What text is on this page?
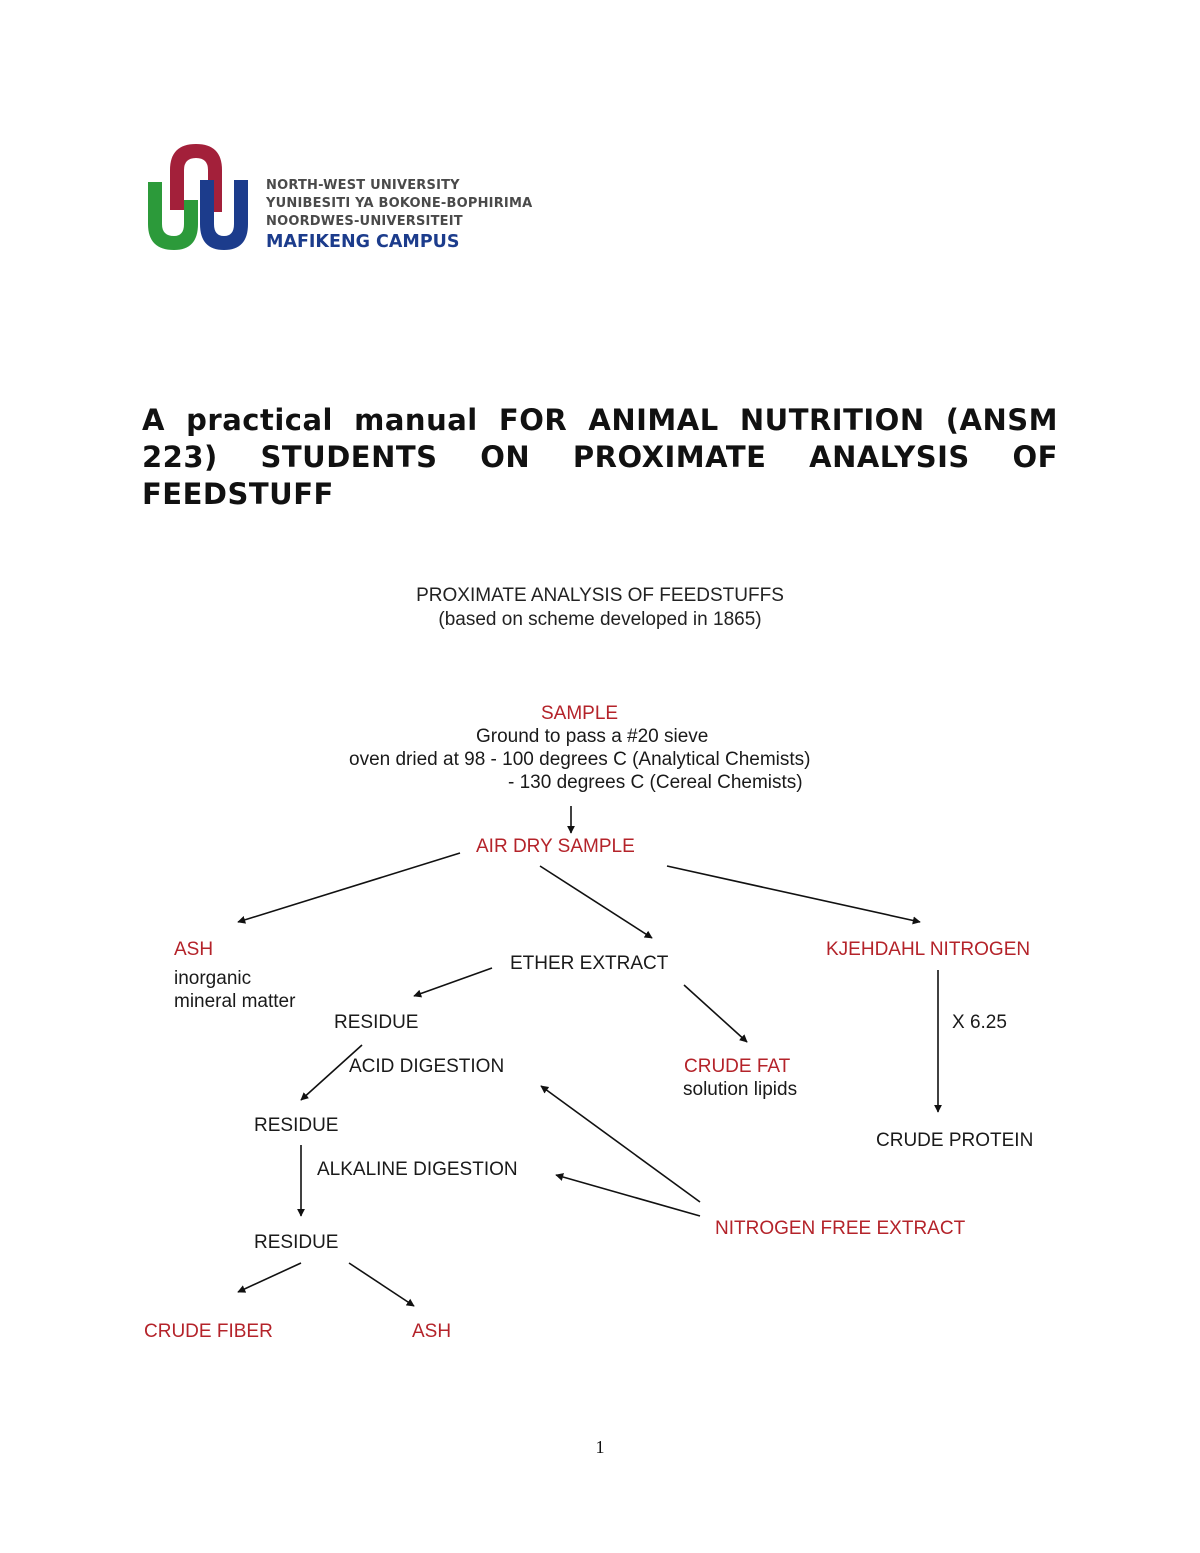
NORTH-WEST UNIVERSITY
YUNIBESITI YA BOKONE-BOPHIRIMA
NOORDWES-UNIVERSITEIT
MAFIKENG CAMPUS
A practical manual FOR ANIMAL NUTRITION (ANSM 223) STUDENTS ON PROXIMATE ANALYSIS OF FEEDSTUFF
PROXIMATE ANALYSIS OF FEEDSTUFFS
(based on scheme developed in 1865)
SAMPLE
Ground to pass a #20 sieve
oven dried at 98 - 100 degrees C (Analytical Chemists)
- 130 degrees C (Cereal Chemists)
AIR DRY SAMPLE
ASH
inorganic
mineral matter
ETHER EXTRACT
KJEHDAHL NITROGEN
RESIDUE	X 6.25
ACID DIGESTION	CRUDE FAT
solution lipids
RESIDUE
CRUDE PROTEIN
ALKALINE DIGESTION
NITROGEN FREE EXTRACT
RESIDUE
CRUDE FIBER	ASH
1
